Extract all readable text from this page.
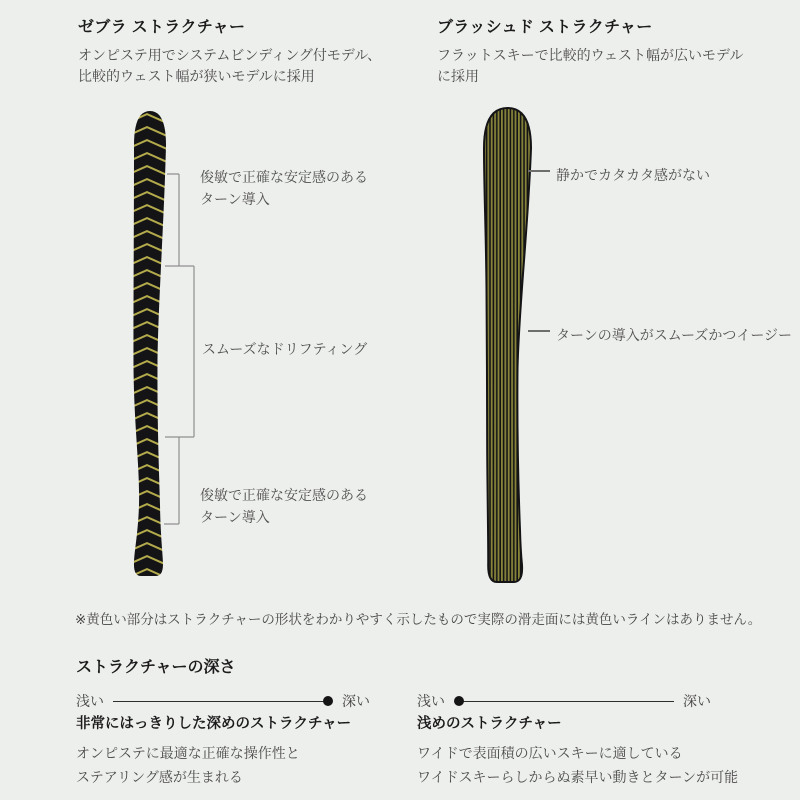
ゼブラ ストラクチャー

オンピステ用でシステムビンディング付モデル、
比較的ウェスト幅が狭いモデルに採用

ブラッシュド ストラクチャー

フラットスキーで比較的ウェスト幅が広いモデル
に採用

俊敏で正確な安定感のある
ターン導入
スムーズなドリフティング
俊敏で正確な安定感のある
ターン導入
静かでカタカタ感がない
ターンの導入がスムーズかつイージー
※黄色い部分はストラクチャーの形状をわかりやすく示したもので実際の滑走面には黄色いラインはありません。
ストラクチャーの深さ
浅い	深い	浅い	深い
非常にはっきりした深めのストラクチャー

オンピステに最適な正確な操作性と

ステアリング感が生まれる

浅めのストラクチャー

ワイドで表面積の広いスキーに適している

ワイドスキーらしからぬ素早い動きとターンが可能
